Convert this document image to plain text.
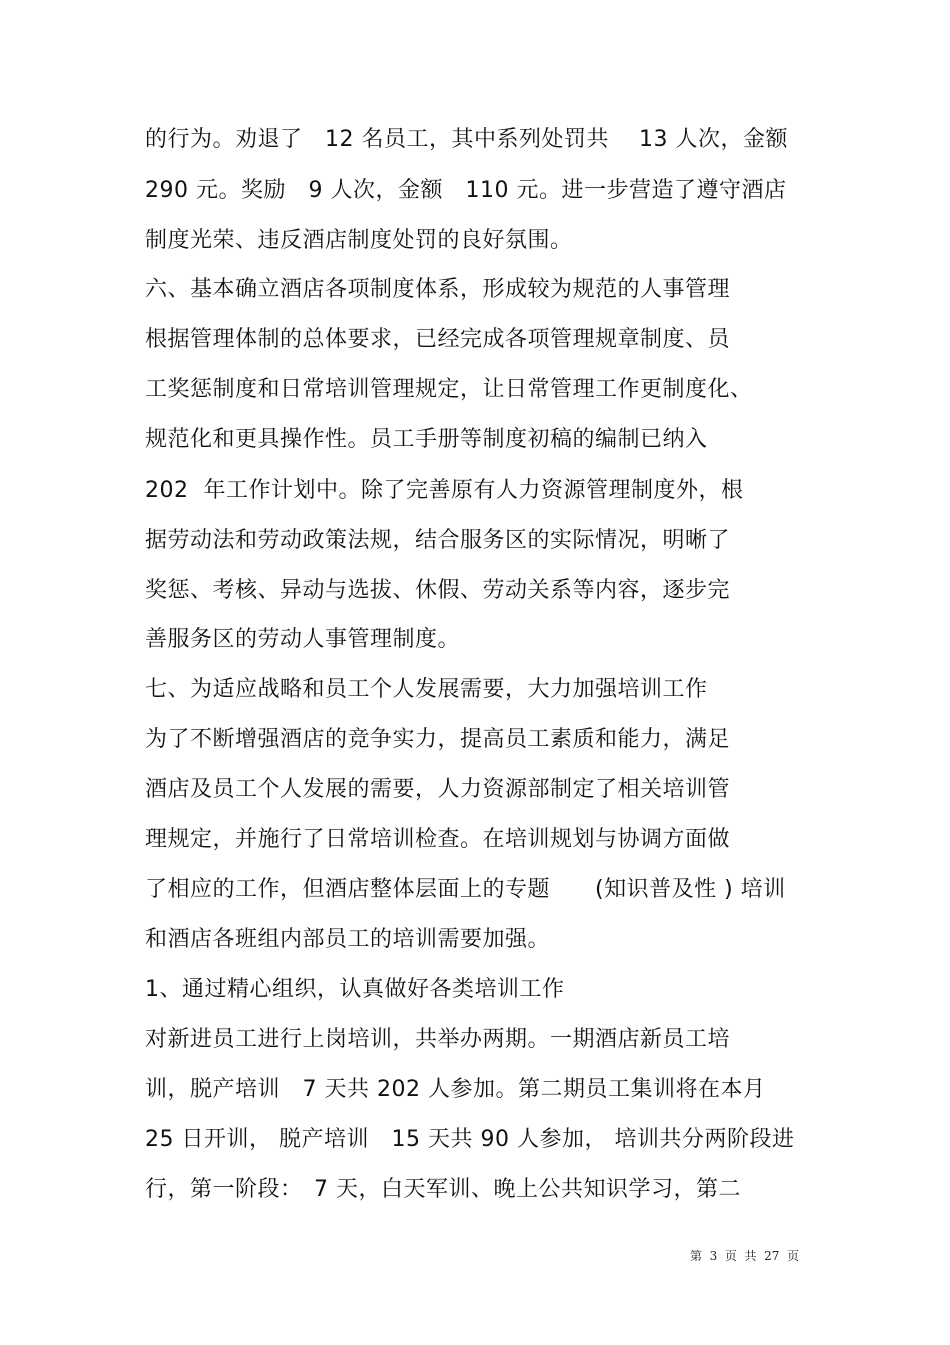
的行为。劝退了　12 名员工，其中系列处罚共　 13 人次，金额
290 元。奖励　9 人次，金额　110 元。进一步营造了遵守酒店
制度光荣、违反酒店制度处罚的良好氛围。
六、基本确立酒店各项制度体系，形成较为规范的人事管理
根据管理体制的总体要求，已经完成各项管理规章制度、员
工奖惩制度和日常培训管理规定，让日常管理工作更制度化、
规范化和更具操作性。员工手册等制度初稿的编制已纳入
202  年工作计划中。除了完善原有人力资源管理制度外，根
据劳动法和劳动政策法规，结合服务区的实际情况，明晰了
奖惩、考核、异动与选拔、休假、劳动关系等内容，逐步完
善服务区的劳动人事管理制度。
七、为适应战略和员工个人发展需要，大力加强培训工作
为了不断增强酒店的竞争实力，提高员工素质和能力，满足
酒店及员工个人发展的需要，人力资源部制定了相关培训管
理规定，并施行了日常培训检查。在培训规划与协调方面做
了相应的工作，但酒店整体层面上的专题　　(知识普及性 ) 培训
和酒店各班组内部员工的培训需要加强。
1、通过精心组织，认真做好各类培训工作
对新进员工进行上岗培训，共举办两期。一期酒店新员工培
训，脱产培训　7 天共 202 人参加。第二期员工集训将在本月
25 日开训， 脱产培训　15 天共 90 人参加， 培训共分两阶段进
行，第一阶段：　7 天，白天军训、晚上公共知识学习，第二
第  3  页  共  27  页
